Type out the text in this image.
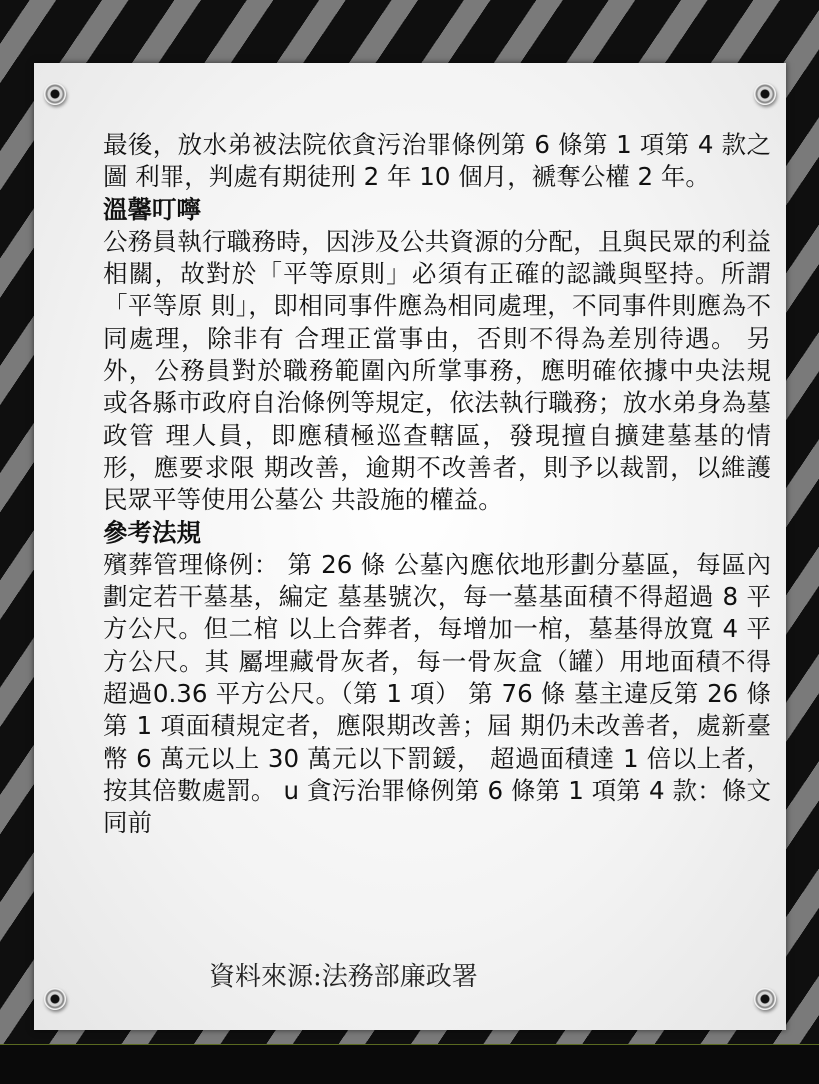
最後，放水弟被法院依貪污治罪條例第 6 條第 1 項第 4 款之圖 利罪，判處有期徒刑 2 年 10 個月，褫奪公權 2 年。

溫馨叮嚀

公務員執行職務時，因涉及公共資源的分配，且與民眾的利益 相關，故對於「平等原則」必須有正確的認識與堅持。所謂「平等原 則」，即相同事件應為相同處理，不同事件則應為不同處理，除非有 合理正當事由，否則不得為差別待遇。 另外，公務員對於職務範圍內所掌事務，應明確依據中央法規 或各縣市政府自治條例等規定，依法執行職務；放水弟身為墓政管 理人員，即應積極巡查轄區，發現擅自擴建墓基的情形，應要求限 期改善，逾期不改善者，則予以裁罰，以維護民眾平等使用公墓公 共設施的權益。

參考法規

殯葬管理條例： 第 26 條 公墓內應依地形劃分墓區，每區內劃定若干墓基，編定 墓基號次，每一墓基面積不得超過 8 平方公尺。但二棺 以上合葬者，每增加一棺，墓基得放寬 4 平方公尺。其 屬埋藏骨灰者，每一骨灰盒（罐）用地面積不得超過0.36 平方公尺。（第 1 項） 第 76 條 墓主違反第 26 條第 1 項面積規定者，應限期改善；屆 期仍未改善者，處新臺幣 6 萬元以上 30 萬元以下罰鍰， 超過面積達 1 倍以上者，按其倍數處罰。 u 貪污治罪條例第 6 條第 1 項第 4 款：條文同前

資料來源:法務部廉政署
